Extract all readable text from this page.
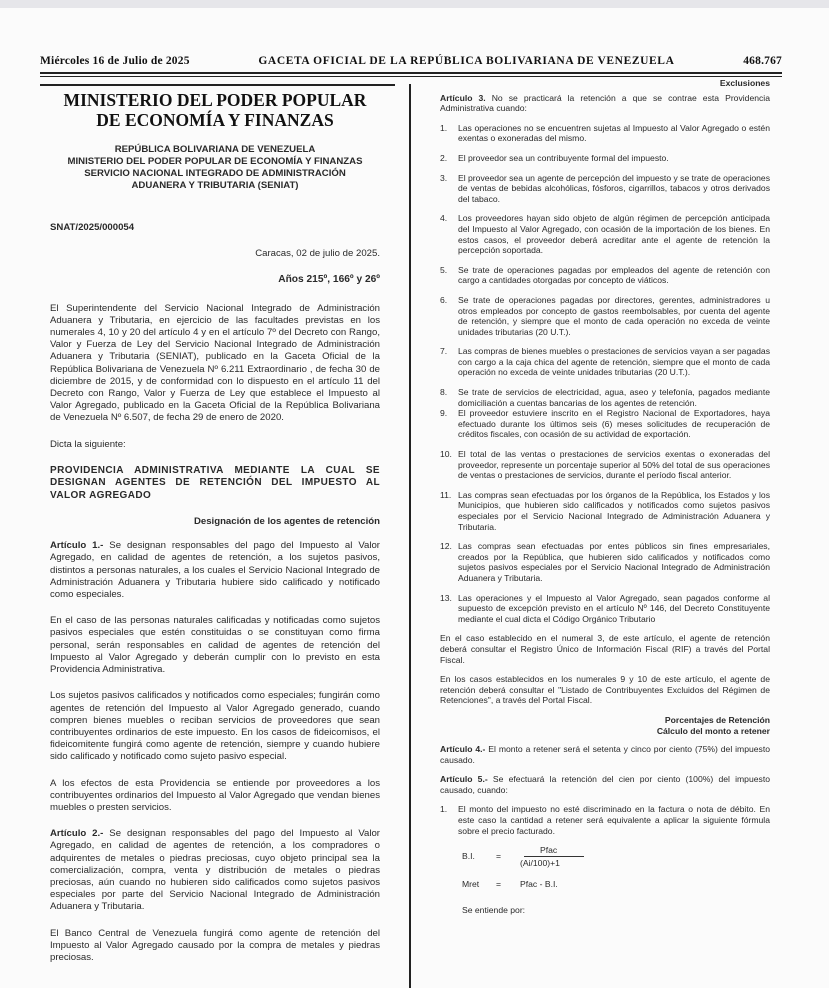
Miércoles 16 de Julio de 2025	GACETA OFICIAL DE LA REPÚBLICA BOLIVARIANA DE VENEZUELA	468.767
MINISTERIO DEL PODER POPULAR
DE ECONOMÍA Y FINANZAS
REPÚBLICA BOLIVARIANA DE VENEZUELA
MINISTERIO DEL PODER POPULAR DE ECONOMÍA Y FINANZAS
SERVICIO NACIONAL INTEGRADO DE ADMINISTRACIÓN
ADUANERA Y TRIBUTARIA (SENIAT)
SNAT/2025/000054
Caracas, 02 de julio de 2025.
Años 215º, 166º y 26º

El Superintendente del Servicio Nacional Integrado de Administración Aduanera y Tributaria, en ejercicio de las facultades previstas en los numerales 4, 10 y 20 del artículo 4 y en el artículo 7º del Decreto con Rango, Valor y Fuerza de Ley del Servicio Nacional Integrado de Administración Aduanera y Tributaria (SENIAT), publicado en la Gaceta Oficial de la República Bolivariana de Venezuela Nº 6.211 Extraordinario , de fecha 30 de diciembre de 2015, y de conformidad con lo dispuesto en el artículo 11 del Decreto con Rango, Valor y Fuerza de Ley que establece el Impuesto al Valor Agregado, publicado en la Gaceta Oficial de la República Bolivariana de Venezuela Nº 6.507, de fecha 29 de enero de 2020.

Dicta la siguiente:

PROVIDENCIA ADMINISTRATIVA MEDIANTE LA CUAL SE DESIGNAN AGENTES DE RETENCIÓN DEL IMPUESTO AL VALOR AGREGADO

Designación de los agentes de retención

Artículo 1.- Se designan responsables del pago del Impuesto al Valor Agregado, en calidad de agentes de retención, a los sujetos pasivos, distintos a personas naturales, a los cuales el Servicio Nacional Integrado de Administración Aduanera y Tributaria hubiere sido calificado y notificado como especiales.

En el caso de las personas naturales calificadas y notificadas como sujetos pasivos especiales que estén constituidas o se constituyan como firma personal, serán responsables en calidad de agentes de retención del Impuesto al Valor Agregado y deberán cumplir con lo previsto en esta Providencia Administrativa.

Los sujetos pasivos calificados y notificados como especiales; fungirán como agentes de retención del Impuesto al Valor Agregado generado, cuando compren bienes muebles o reciban servicios de proveedores que sean contribuyentes ordinarios de este impuesto. En los casos de fideicomisos, el fideicomitente fungirá como agente de retención, siempre y cuando hubiere sido calificado y notificado como sujeto pasivo especial.

A los efectos de esta Providencia se entiende por proveedores a los contribuyentes ordinarios del Impuesto al Valor Agregado que vendan bienes muebles o presten servicios.

Artículo 2.- Se designan responsables del pago del Impuesto al Valor Agregado, en calidad de agentes de retención, a los compradores o adquirentes de metales o piedras preciosas, cuyo objeto principal sea la comercialización, compra, venta y distribución de metales o piedras preciosas, aún cuando no hubieren sido calificados como sujetos pasivos especiales por parte del Servicio Nacional Integrado de Administración Aduanera y Tributaria.

El Banco Central de Venezuela fungirá como agente de retención del Impuesto al Valor Agregado causado por la compra de metales y piedras preciosas.

Exclusiones

Artículo 3. No se practicará la retención a que se contrae esta Providencia Administrativa cuando:

1.	Las operaciones no se encuentren sujetas al Impuesto al Valor Agregado o estén exentas o exoneradas del mismo.
2.	El proveedor sea un contribuyente formal del impuesto.
3.	El proveedor sea un agente de percepción del impuesto y se trate de operaciones de ventas de bebidas alcohólicas, fósforos, cigarrillos, tabacos y otros derivados del tabaco.
4.	Los proveedores hayan sido objeto de algún régimen de percepción anticipada del Impuesto al Valor Agregado, con ocasión de la importación de los bienes. En estos casos, el proveedor deberá acreditar ante el agente de retención la percepción soportada.
5.	Se trate de operaciones pagadas por empleados del agente de retención con cargo a cantidades otorgadas por concepto de viáticos.
6.	Se trate de operaciones pagadas por directores, gerentes, administradores u otros empleados por concepto de gastos reembolsables, por cuenta del agente de retención, y siempre que el monto de cada operación no exceda de veinte unidades tributarias (20 U.T.).
7.	Las compras de bienes muebles o prestaciones de servicios vayan a ser pagadas con cargo a la caja chica del agente de retención, siempre que el monto de cada operación no exceda de veinte unidades tributarias (20 U.T.).
8.	Se trate de servicios de electricidad, agua, aseo y telefonía, pagados mediante domiciliación a cuentas bancarias de los agentes de retención.
9.	El proveedor estuviere inscrito en el Registro Nacional de Exportadores, haya efectuado durante los últimos seis (6) meses solicitudes de recuperación de créditos fiscales, con ocasión de su actividad de exportación.
10. El total de las ventas o prestaciones de servicios exentas o exoneradas del proveedor, represente un porcentaje superior al 50% del total de sus operaciones de ventas o prestaciones de servicios, durante el período fiscal anterior.
11. Las compras sean efectuadas por los órganos de la República, los Estados y los Municipios, que hubieren sido calificados y notificados como sujetos pasivos especiales por el Servicio Nacional Integrado de Administración Aduanera y Tributaria.
12. Las compras sean efectuadas por entes públicos sin fines empresariales, creados por la República, que hubieren sido calificados y notificados como sujetos pasivos especiales por el Servicio Nacional Integrado de Administración Aduanera y Tributaria.
13. Las operaciones y el Impuesto al Valor Agregado, sean pagados conforme al supuesto de excepción previsto en el artículo Nº 146, del Decreto Constituyente mediante el cual dicta el Código Orgánico Tributario

En el caso establecido en el numeral 3, de este artículo, el agente de retención deberá consultar el Registro Único de Información Fiscal (RIF) a través del Portal Fiscal.

En los casos establecidos en los numerales 9 y 10 de este artículo, el agente de retención deberá consultar el "Listado de Contribuyentes Excluidos del Régimen de Retenciones", a través del Portal Fiscal.

Porcentajes de Retención
Cálculo del monto a retener

Artículo 4.- El monto a retener será el setenta y cinco por ciento (75%) del impuesto causado.

Artículo 5.- Se efectuará la retención del cien por ciento (100%) del impuesto causado, cuando:

1.	El monto del impuesto no esté discriminado en la factura o nota de débito. En este caso la cantidad a retener será equivalente a aplicar la siguiente fórmula sobre el precio facturado.
B.I. =
Pfac
(Ai/100)+1
Mret = Pfac - B.I.
Se entiende por:
